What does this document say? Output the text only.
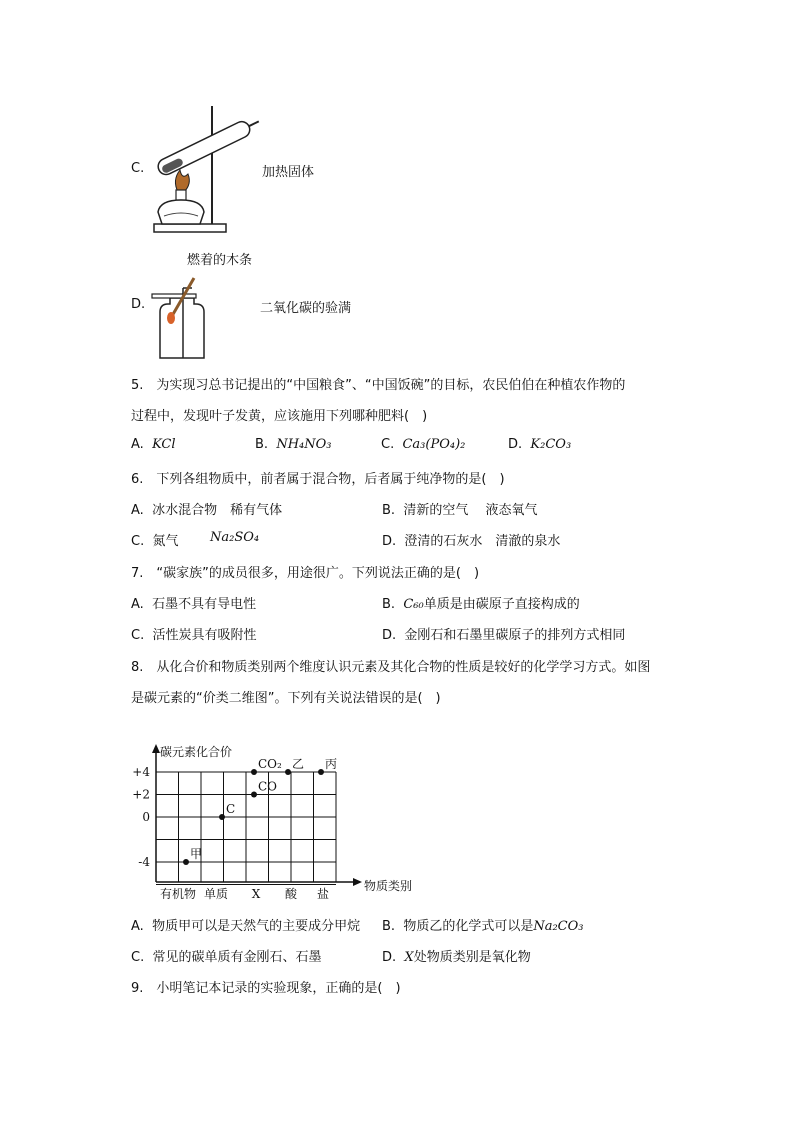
C.	加热固体
燃着的木条
D.	二氧化碳的验满
5.　为实现习总书记提出的“中国粮食”、“中国饭碗”的目标，农民伯伯在种植农作物的
过程中，发现叶子发黄，应该施用下列哪种肥料(　)
A. KCl	B. NH₄NO₃	C. Ca₃(PO₄)₂	D. K₂CO₃
6.　下列各组物质中，前者属于混合物，后者属于纯净物的是(　)
A. 冰水混合物　稀有气体	B. 清新的空气　 液态氧气
C. 氮气 Na₂SO₄	D. 澄清的石灰水　清澈的泉水
7.　“碳家族”的成员很多，用途很广。下列说法正确的是(　)
A. 石墨不具有导电性	B. C₆₀单质是由碳原子直接构成的
C. 活性炭具有吸附性	D. 金刚石和石墨里碳原子的排列方式相同
8.　从化合价和物质类别两个维度认识元素及其化合物的性质是较好的化学学习方式。如图
是碳元素的“价类二维图”。下列有关说法错误的是(　)
碳元素化合价
物质类别
+4
+2
0
-4
有机物 单质 X 酸 盐
甲
C
CO
CO₂ 乙 丙
A. 物质甲可以是天然气的主要成分甲烷 B. 物质乙的化学式可以是Na₂CO₃
C. 常见的碳单质有金刚石、石墨	D. X处物质类别是氧化物
9.　小明笔记本记录的实验现象，正确的是(　)
